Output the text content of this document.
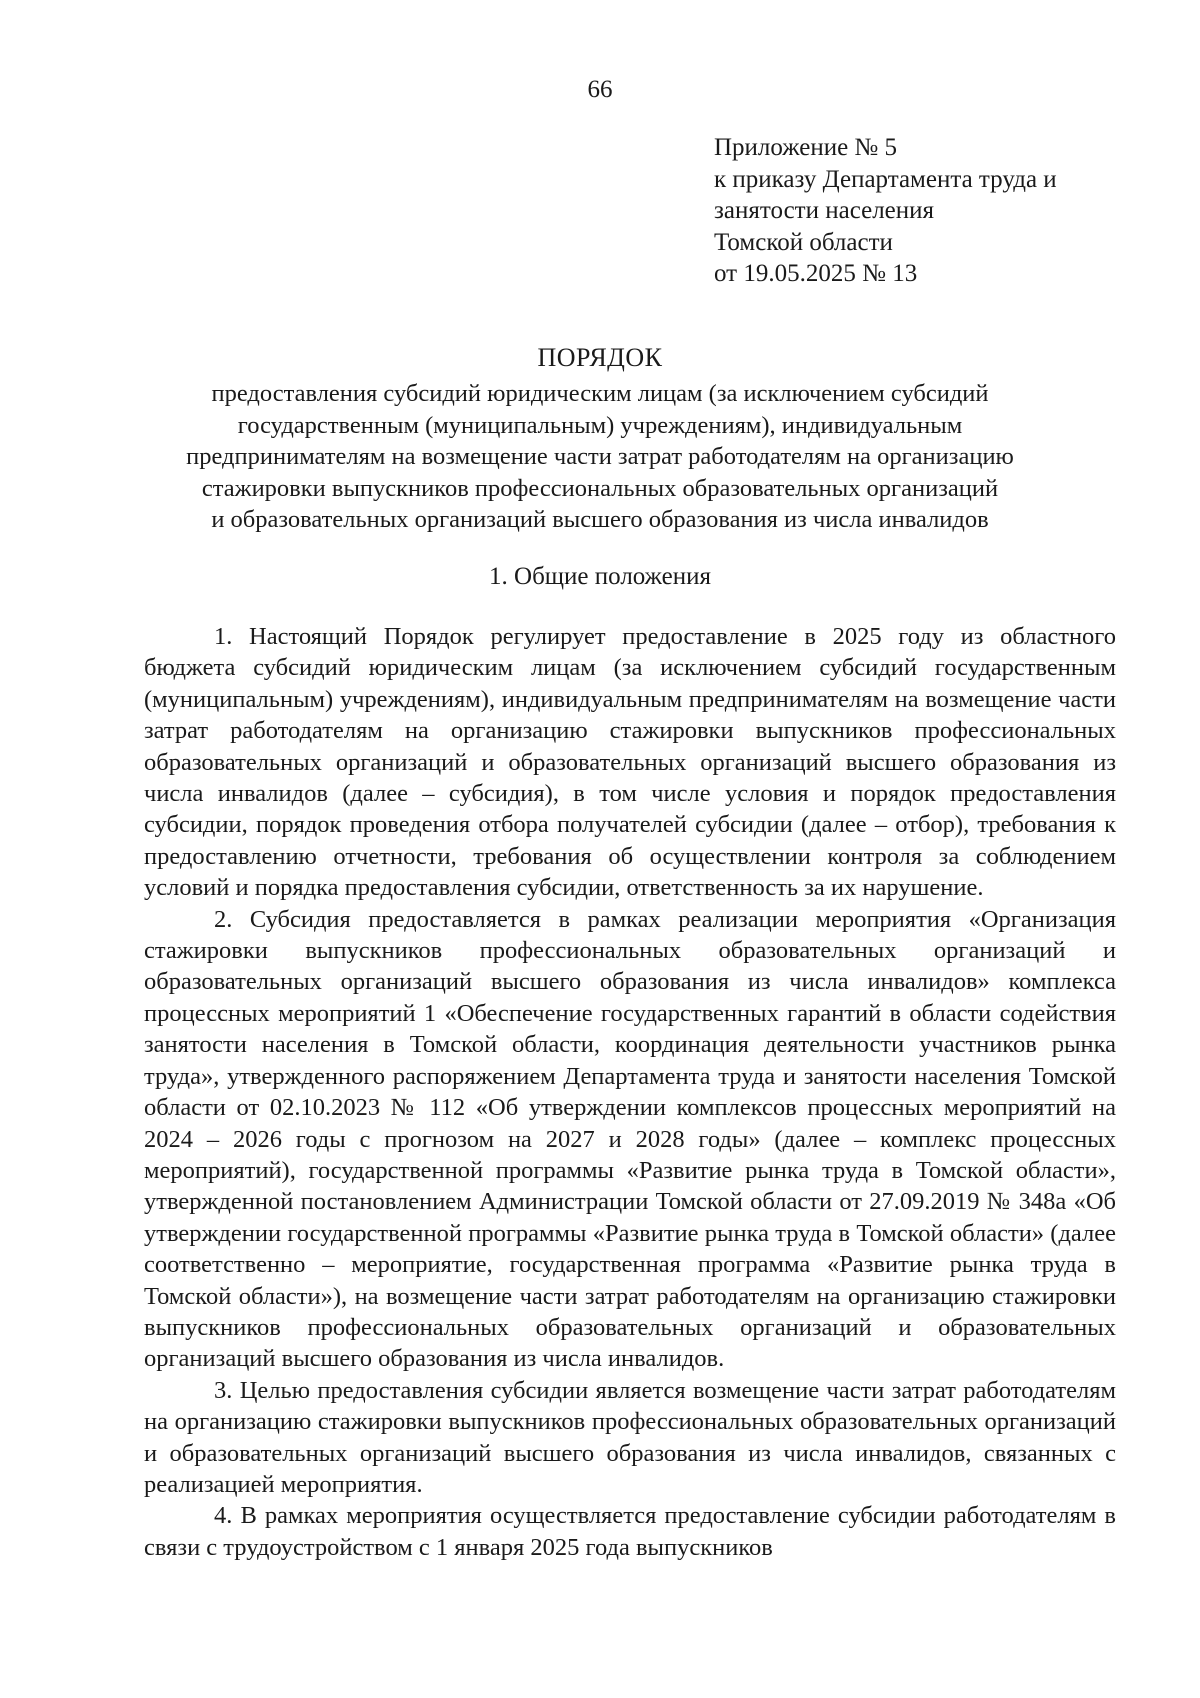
66
Приложение № 5
к приказу Департамента труда и
занятости населения
Томской области
от 19.05.2025 № 13
ПОРЯДОК
предоставления субсидий юридическим лицам (за исключением субсидий
государственным (муниципальным) учреждениям), индивидуальным
предпринимателям на возмещение части затрат работодателям на организацию
стажировки выпускников профессиональных образовательных организаций
и образовательных организаций высшего образования из числа инвалидов
1. Общие положения

1. Настоящий Порядок регулирует предоставление в 2025 году из областного бюджета субсидий юридическим лицам (за исключением субсидий государственным (муниципальным) учреждениям), индивидуальным предпринимателям на возмещение части затрат работодателям на организацию стажировки выпускников профессиональных образовательных организаций и образовательных организаций высшего образования из числа инвалидов (далее – субсидия), в том числе условия и порядок предоставления субсидии, порядок проведения отбора получателей субсидии (далее – отбор), требования к предоставлению отчетности, требования об осуществлении контроля за соблюдением условий и порядка предоставления субсидии, ответственность за их нарушение.

2. Субсидия предоставляется в рамках реализации мероприятия «Организация стажировки выпускников профессиональных образовательных организаций и образовательных организаций высшего образования из числа инвалидов» комплекса процессных мероприятий 1 «Обеспечение государственных гарантий в области содействия занятости населения в Томской области, координация деятельности участников рынка труда», утвержденного распоряжением Департамента труда и занятости населения Томской области от 02.10.2023 № 112 «Об утверждении комплексов процессных мероприятий на 2024 – 2026 годы с прогнозом на 2027 и 2028 годы» (далее – комплекс процессных мероприятий), государственной программы «Развитие рынка труда в Томской области», утвержденной постановлением Администрации Томской области от 27.09.2019 № 348а «Об утверждении государственной программы «Развитие рынка труда в Томской области» (далее соответственно – мероприятие, государственная программа «Развитие рынка труда в Томской области»), на возмещение части затрат работодателям на организацию стажировки выпускников профессиональных образовательных организаций и образовательных организаций высшего образования из числа инвалидов.

3. Целью предоставления субсидии является возмещение части затрат работодателям на организацию стажировки выпускников профессиональных образовательных организаций и образовательных организаций высшего образования из числа инвалидов, связанных с реализацией мероприятия.

4. В рамках мероприятия осуществляется предоставление субсидии работодателям в связи с трудоустройством с 1 января 2025 года выпускников
